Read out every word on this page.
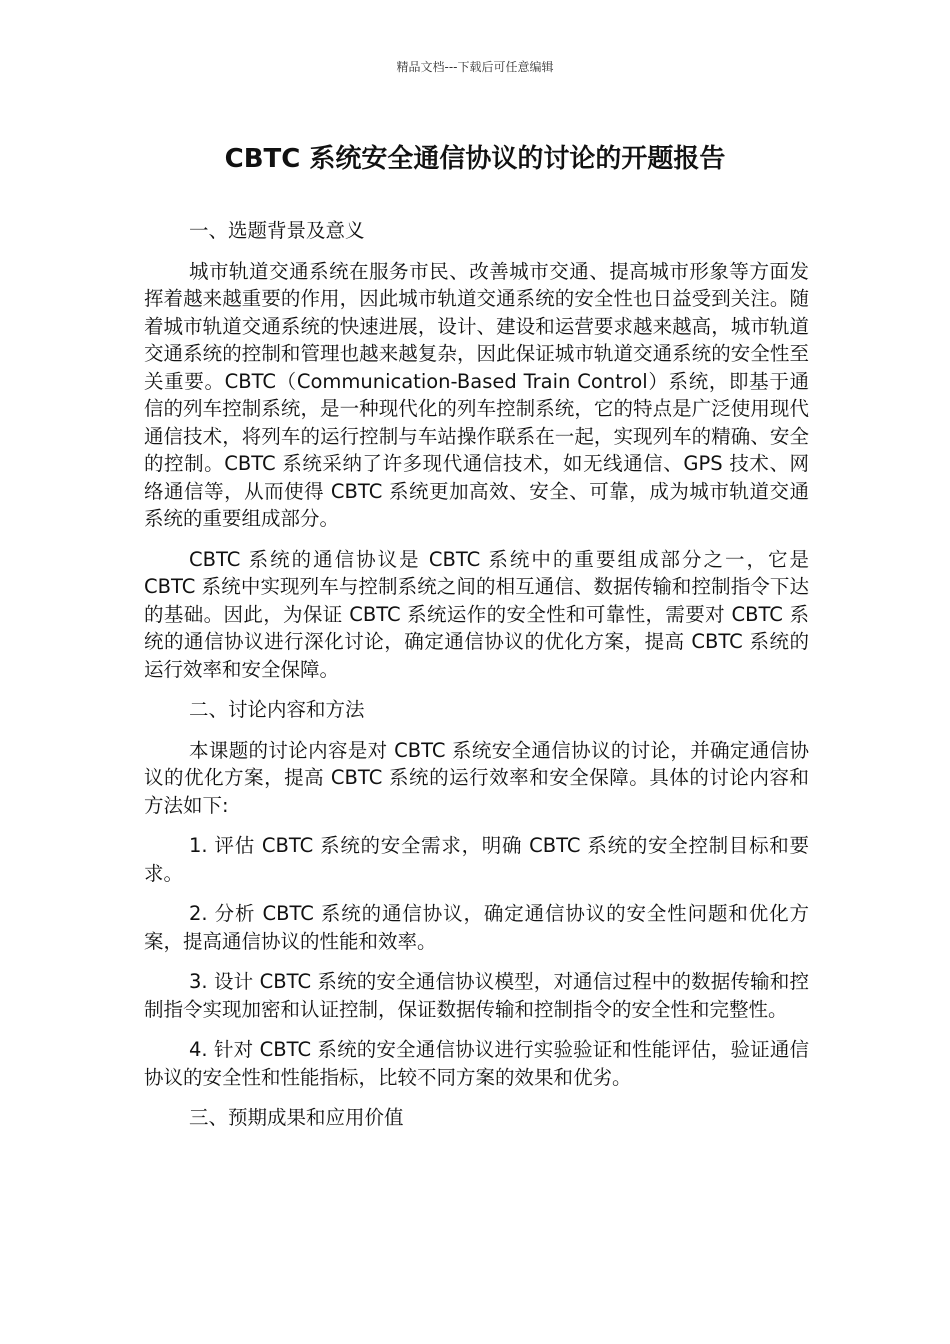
精品文档---下载后可任意编辑
CBTC 系统安全通信协议的讨论的开题报告

一、选题背景及意义

城市轨道交通系统在服务市民、改善城市交通、提高城市形象等方面发挥着越来越重要的作用，因此城市轨道交通系统的安全性也日益受到关注。随着城市轨道交通系统的快速进展，设计、建设和运营要求越来越高，城市轨道交通系统的控制和管理也越来越复杂，因此保证城市轨道交通系统的安全性至关重要。CBTC（Communication-Based Train Control）系统，即基于通信的列车控制系统，是一种现代化的列车控制系统，它的特点是广泛使用现代通信技术，将列车的运行控制与车站操作联系在一起，实现列车的精确、安全的控制。CBTC 系统采纳了许多现代通信技术，如无线通信、GPS 技术、网络通信等，从而使得 CBTC 系统更加高效、安全、可靠，成为城市轨道交通系统的重要组成部分。

CBTC 系统的通信协议是 CBTC 系统中的重要组成部分之一，它是 CBTC 系统中实现列车与控制系统之间的相互通信、数据传输和控制指令下达的基础。因此，为保证 CBTC 系统运作的安全性和可靠性，需要对 CBTC 系统的通信协议进行深化讨论，确定通信协议的优化方案，提高 CBTC 系统的运行效率和安全保障。

二、讨论内容和方法

本课题的讨论内容是对 CBTC 系统安全通信协议的讨论，并确定通信协议的优化方案，提高 CBTC 系统的运行效率和安全保障。具体的讨论内容和方法如下:

1. 评估 CBTC 系统的安全需求，明确 CBTC 系统的安全控制目标和要求。

2. 分析 CBTC 系统的通信协议，确定通信协议的安全性问题和优化方案，提高通信协议的性能和效率。

3. 设计 CBTC 系统的安全通信协议模型，对通信过程中的数据传输和控制指令实现加密和认证控制，保证数据传输和控制指令的安全性和完整性。

4. 针对 CBTC 系统的安全通信协议进行实验验证和性能评估，验证通信协议的安全性和性能指标，比较不同方案的效果和优劣。

三、预期成果和应用价值
